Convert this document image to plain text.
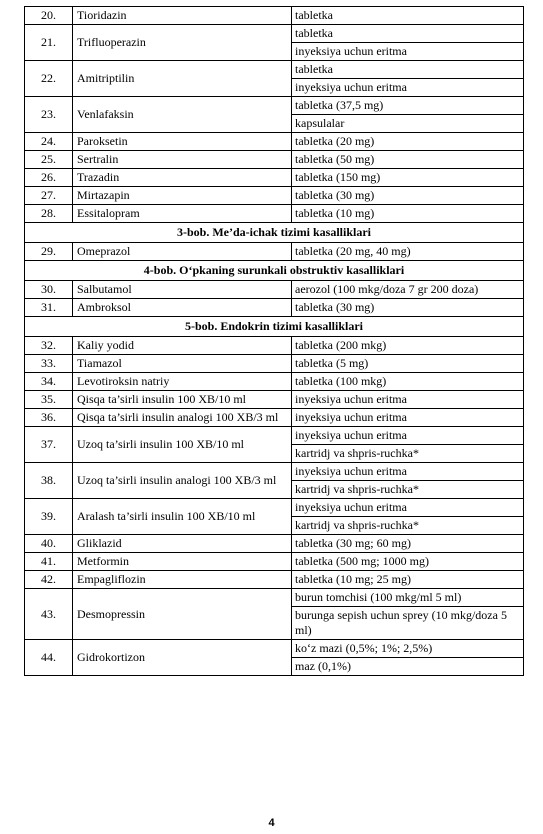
20.	Tioridazin	tabletka
21.	Trifluoperazin	tabletka
		inyeksiya uchun eritma
22.	Amitriptilin	tabletka
		inyeksiya uchun eritma
23.	Venlafaksin	tabletka (37,5 mg)
		kapsulalar
24.	Paroksetin	tabletka (20 mg)
25.	Sertralin	tabletka (50 mg)
26.	Trazadin	tabletka (150 mg)
27.	Mirtazapin	tabletka (30 mg)
28.	Essitalopram	tabletka (10 mg)
3-bob. Me’da-ichak tizimi kasalliklari		
29.	Omeprazol	tabletka (20 mg, 40 mg)
4-bob. O‘pkaning surunkali obstruktiv kasalliklari		
30.	Salbutamol	aerozol (100 mkg/doza 7 gr 200 doza)
31.	Ambroksol	tabletka (30 mg)
5-bob. Endokrin tizimi kasalliklari		
32.	Kaliy yodid	tabletka (200 mkg)
33.	Tiamazol	tabletka (5 mg)
34.	Levotiroksin natriy	tabletka (100 mkg)
35.	Qisqa ta’sirli insulin 100 XB/10 ml	inyeksiya uchun eritma
36.	Qisqa ta’sirli insulin analogi 100 XB/3 ml	inyeksiya uchun eritma
37.	Uzoq ta’sirli insulin 100 XB/10 ml	inyeksiya uchun eritma
		kartridj va shpris-ruchka*
38.	Uzoq ta’sirli insulin analogi 100 XB/3 ml	inyeksiya uchun eritma
		kartridj va shpris-ruchka*
39.	Aralash ta’sirli insulin 100 XB/10 ml	inyeksiya uchun eritma
		kartridj va shpris-ruchka*
40.	Gliklazid	tabletka (30 mg; 60 mg)
41.	Metformin	tabletka (500 mg; 1000 mg)
42.	Empagliflozin	tabletka (10 mg; 25 mg)
43.	Desmopressin	burun tomchisi (100 mkg/ml 5 ml)
		burunga sepish uchun sprey (10 mkg/doza 5 ml)
44.	Gidrokortizon	ko‘z mazi (0,5%; 1%; 2,5%)
		maz (0,1%)
4
